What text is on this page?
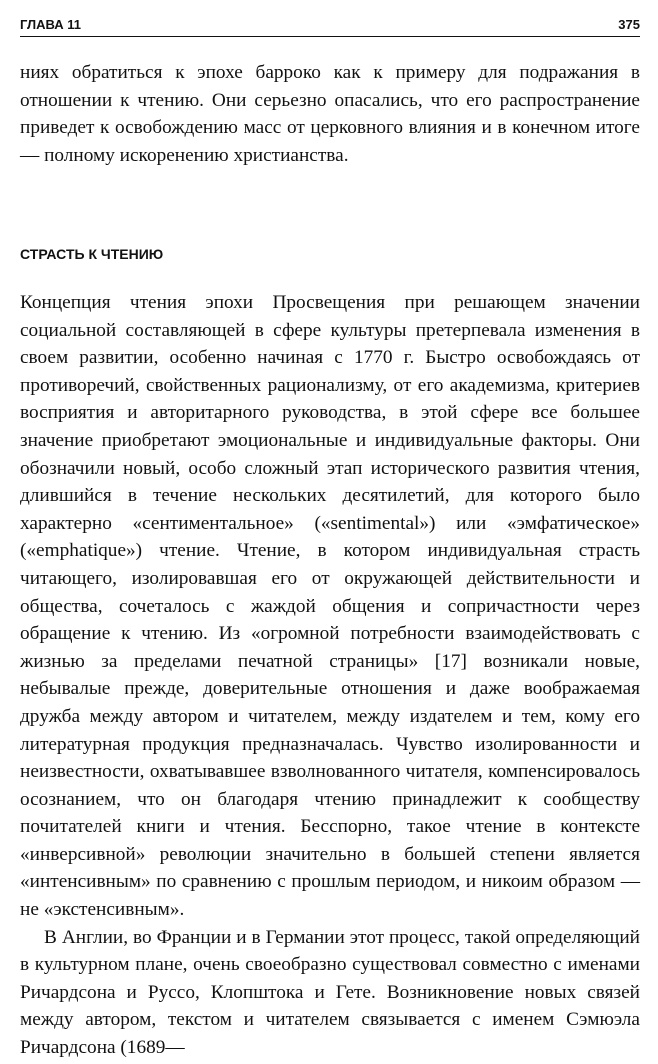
ГЛАВА 11	375

ниях обратиться к эпохе барроко как к примеру для подражания в отношении к чтению. Они серьезно опасались, что его распространение приведет к освобождению масс от церковного влияния и в конечном итоге — полному искоренению христианства.

СТРАСТЬ К ЧТЕНИЮ

Концепция чтения эпохи Просвещения при решающем значении социальной составляющей в сфере культуры претерпевала изменения в своем развитии, особенно начиная с 1770 г. Быстро освобождаясь от противоречий, свойственных рационализму, от его академизма, критериев восприятия и авторитарного руководства, в этой сфере все большее значение приобретают эмоциональные и индивидуальные факторы. Они обозначили новый, особо сложный этап исторического развития чтения, длившийся в течение нескольких десятилетий, для которого было характерно «сентиментальное» («sentimental») или «эмфатическое» («emphatique») чтение. Чтение, в котором индивидуальная страсть читающего, изолировавшая его от окружающей действительности и общества, сочеталось с жаждой общения и сопричастности через обращение к чтению. Из «огромной потребности взаимодействовать с жизнью за пределами печатной страницы» [17] возникали новые, небывалые прежде, доверительные отношения и даже воображаемая дружба между автором и читателем, между издателем и тем, кому его литературная продукция предназначалась. Чувство изолированности и неизвестности, охватывавшее взволнованного читателя, компенсировалось осознанием, что он благодаря чтению принадлежит к сообществу почитателей книги и чтения. Бесспорно, такое чтение в контексте «инверсивной» революции значительно в большей степени является «интенсивным» по сравнению с прошлым периодом, и никоим образом — не «экстенсивным».

В Англии, во Франции и в Германии этот процесс, такой определяющий в культурном плане, очень своеобразно существовал совместно с именами Ричардсона и Руссо, Клопштока и Гете. Возникновение новых связей между автором, текстом и читателем связывается с именем Сэмюэла Ричардсона (1689—
